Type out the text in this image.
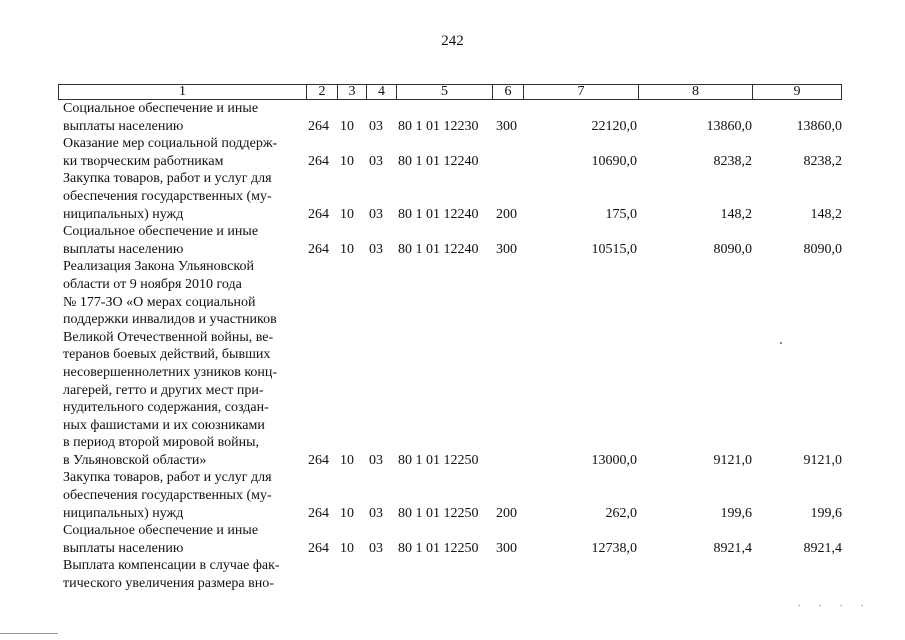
242
1	2	3	4	5	6	7	8	9
Социальное обеспечение и иные
выплаты населению	264 10 03 80 1 01 12230 300	22120,0	13860,0	13860,0
Оказание мер социальной поддерж-
ки творческим работникам	264 10 03 80 1 01 12240	10690,0	8238,2	8238,2
Закупка товаров, работ и услуг для
обеспечения государственных (му-
ниципальных) нужд	264 10 03 80 1 01 12240 200	175,0	148,2	148,2
Социальное обеспечение и иные
выплаты населению	264 10 03 80 1 01 12240 300	10515,0	8090,0	8090,0
Реализация Закона Ульяновской
области от 9 ноября 2010 года
№ 177-ЗО «О мерах социальной
поддержки инвалидов и участников
Великой Отечественной войны, ве-
теранов боевых действий, бывших
несовершеннолетних узников конц-
лагерей, гетто и других мест при-
нудительного содержания, создан-
ных фашистами и их союзниками
в период второй мировой войны,
в Ульяновской области»	264 10 03 80 1 01 12250	13000,0	9121,0	9121,0
Закупка товаров, работ и услуг для
обеспечения государственных (му-
ниципальных) нужд	264 10 03 80 1 01 12250 200	262,0	199,6	199,6
Социальное обеспечение и иные
выплаты населению	264 10 03 80 1 01 12250 300	12738,0	8921,4	8921,4
Выплата компенсации в случае фак-
тического увеличения размера вно-
. . . .
